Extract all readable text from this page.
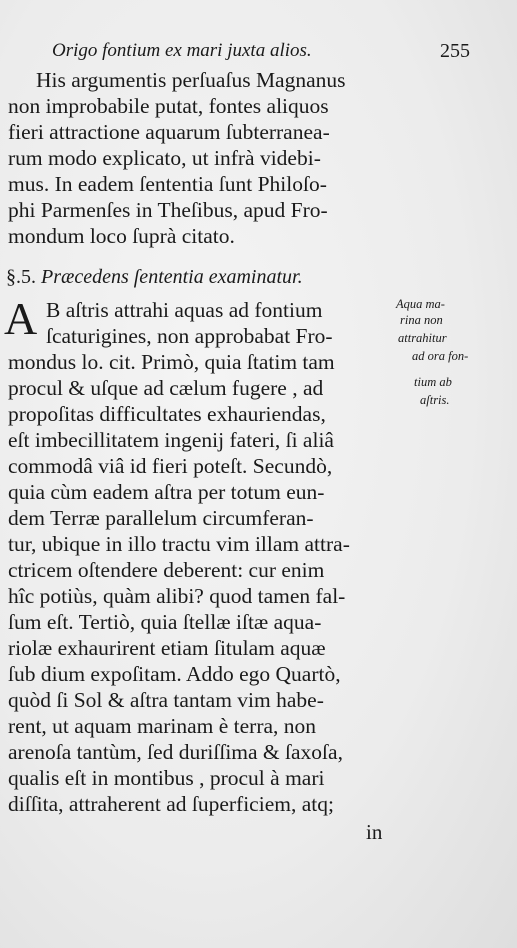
Origo fontium ex mari juxta alios.	255
His argumentis perſuaſus Magnanus
non improbabile putat, fontes aliquos
fieri attractione aquarum ſubterranea-
rum modo explicato, ut infrà videbi-
mus. In eadem ſententia ſunt Philoſo-
phi Parmenſes in Theſibus, apud Fro-
mondum loco ſuprà citato.
§.5. Præcedens ſententia examinatur.
A B aſtris attrahi aquas ad fontium
ſcaturigines, non approbabat Fro-
mondus lo. cit. Primò, quia ſtatim tam
procul & uſque ad cælum fugere , ad
propoſitas difficultates exhauriendas,
eſt imbecillitatem ingenij fateri, ſi aliâ
commodâ viâ id fieri poteſt. Secundò,
quia cùm eadem aſtra per totum eun-
dem Terræ parallelum circumferan-
tur, ubique in illo tractu vim illam attra-
ctricem oſtendere deberent: cur enim
hîc potiùs, quàm alibi? quod tamen fal-
ſum eſt. Tertiò, quia ſtellæ iſtæ aqua-
riolæ exhaurirent etiam ſitulam aquæ
ſub dium expoſitam. Addo ego Quartò,
quòd ſi Sol & aſtra tantam vim habe-
rent, ut aquam marinam è terra, non
arenoſa tantùm, ſed duriſſima & ſaxoſa,
qualis eſt in montibus , procul à mari
diſſita, attraherent ad ſuperficiem, atq;
Aqua ma-
rina non
attrahitur
ad ora fon-
tium ab
aſtris.
in
